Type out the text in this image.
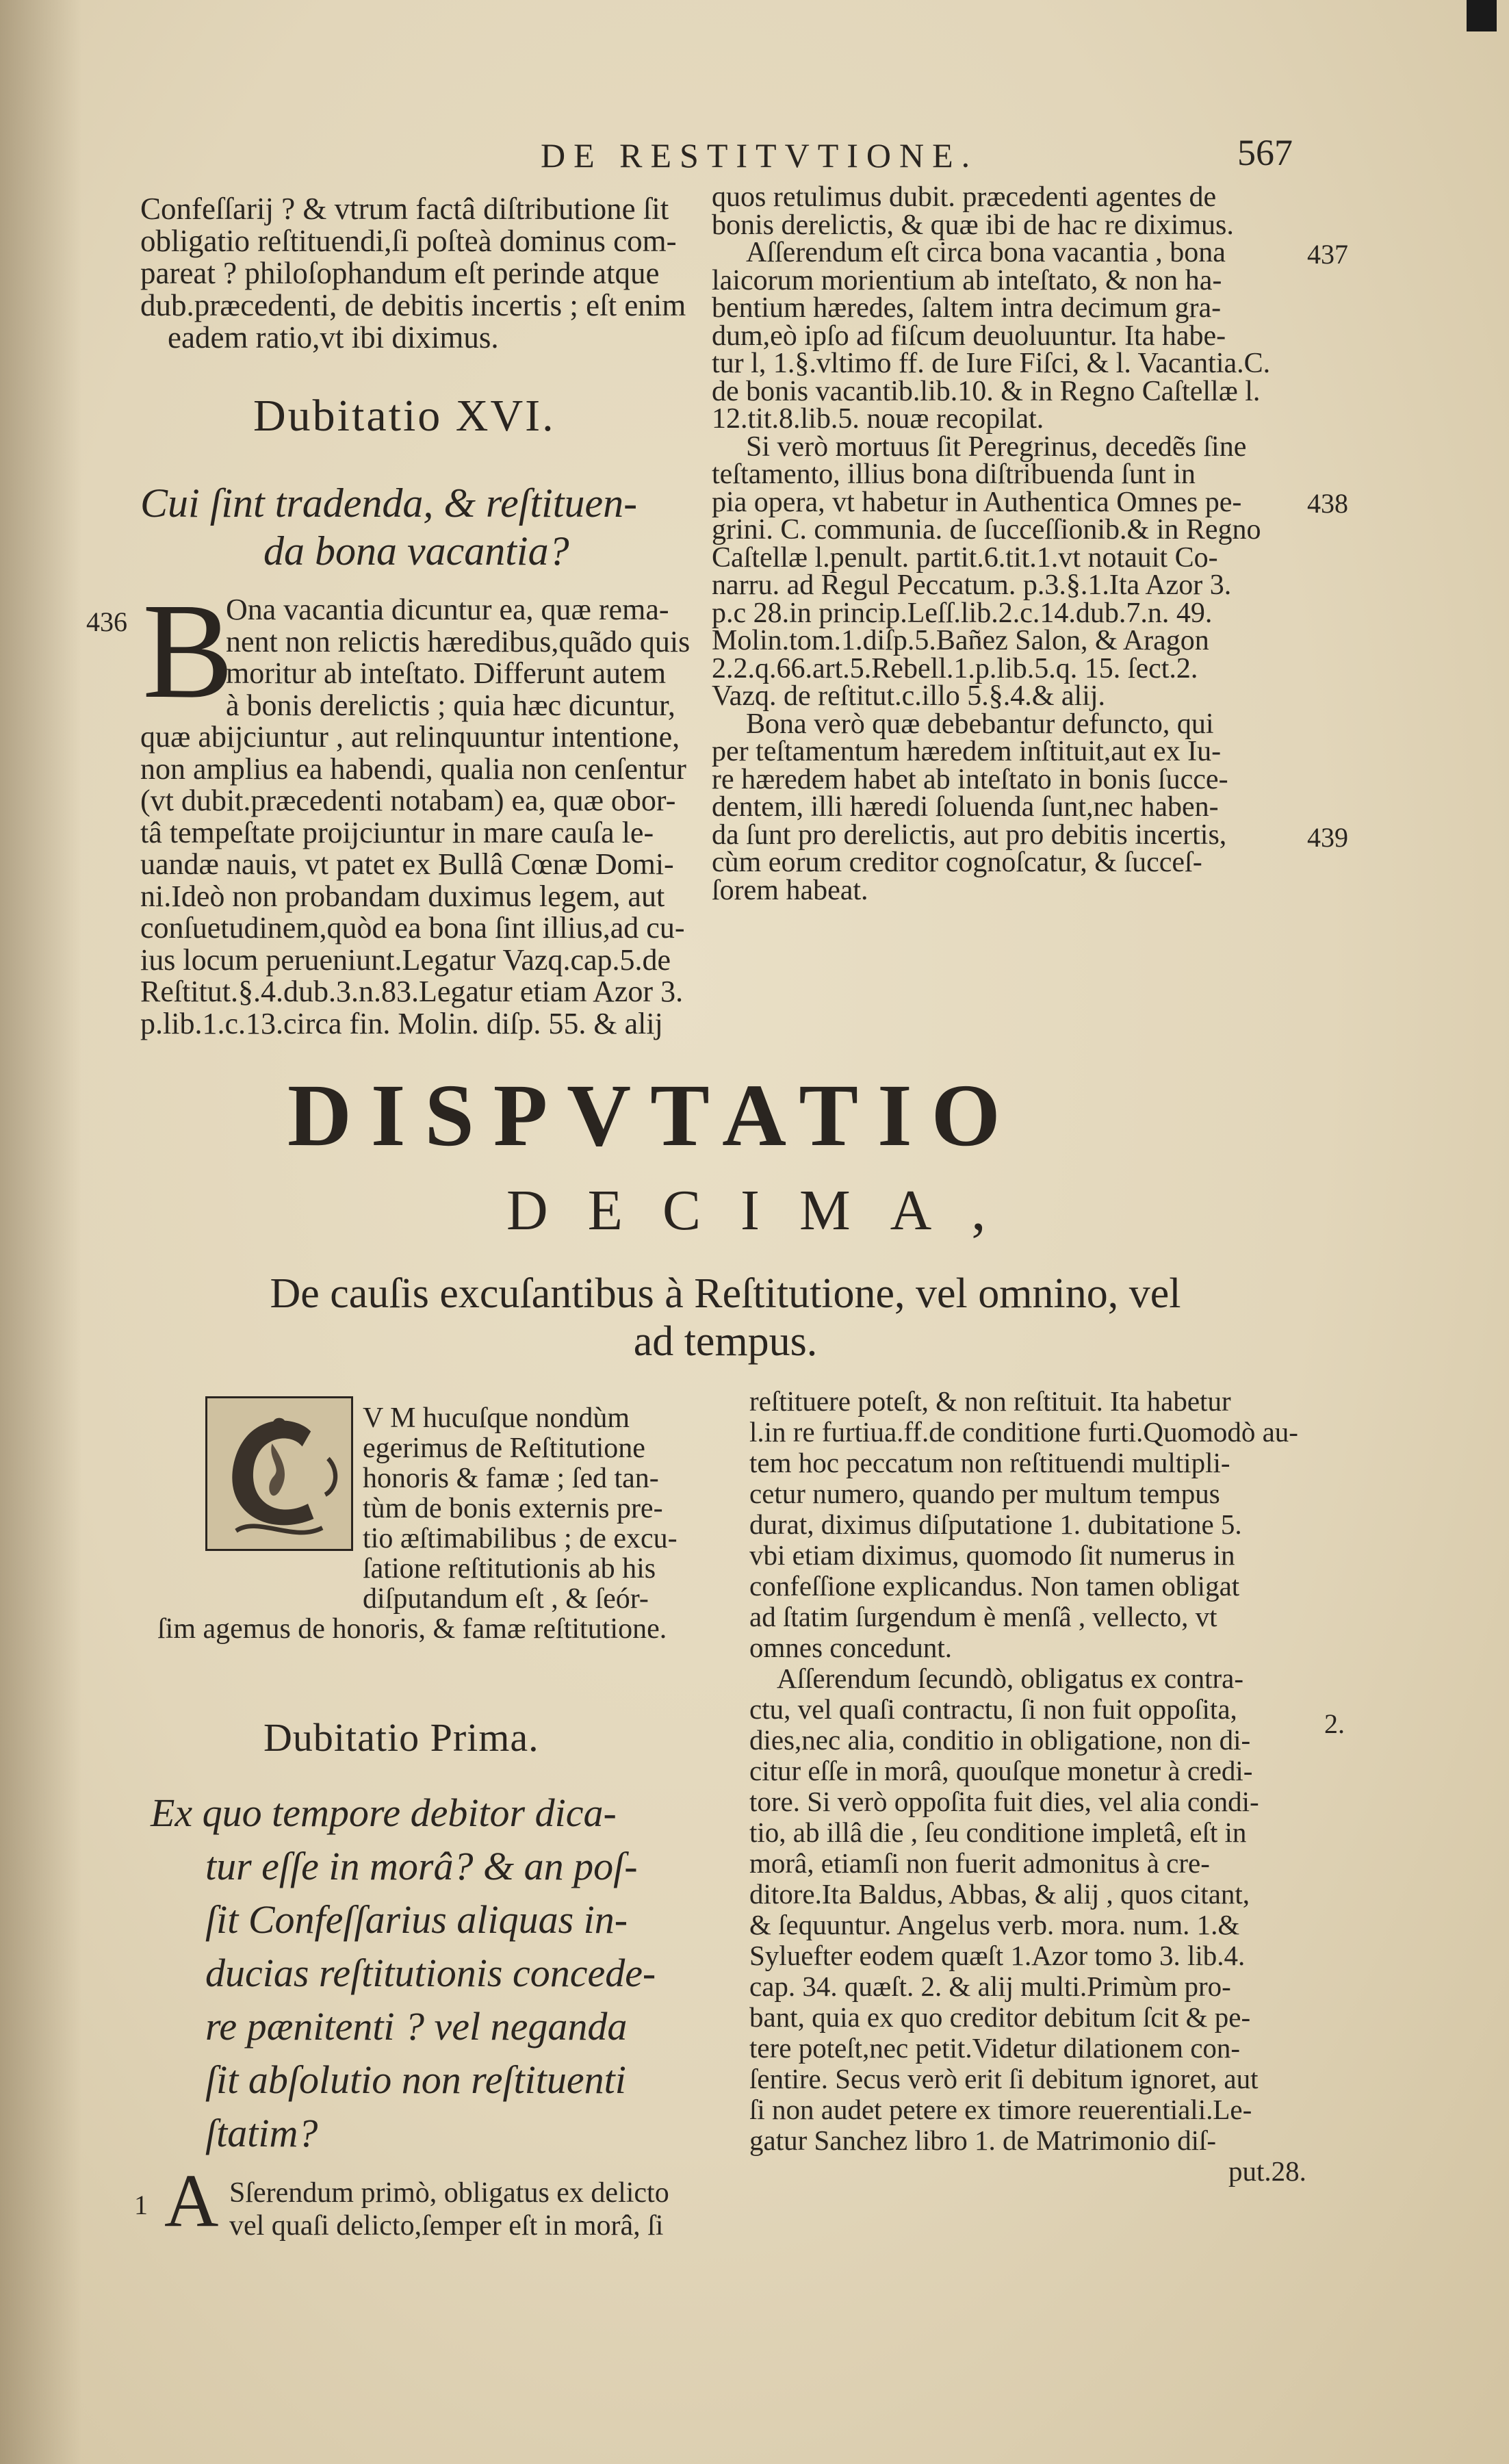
DE RESTITVTIONE.	567
Confeſſarij ? & vtrum factâ diſtributione ſit
obligatio reſtituendi,ſi poſteà dominus com-
pareat ? philoſophandum eſt perinde atque
dub.præcedenti, de debitis incertis ; eſt enim
eadem ratio,vt ibi diximus.
Dubitatio XVI.
Cui ſint tradenda, & reſtituen-
da bona vacantia?
436 B
Ona vacantia dicuntur ea, quæ rema-
nent non relictis hæredibus,quãdo quis
moritur ab inteſtato. Differunt autem
à bonis derelictis ; quia hæc dicuntur,
quæ abijciuntur , aut relinquuntur intentione,
non amplius ea habendi, qualia non cenſentur
(vt dubit.præcedenti notabam) ea, quæ obor-
tâ tempeſtate proijciuntur in mare cauſa le-
uandæ nauis, vt patet ex Bullâ Cœnæ Domi-
ni.Ideò non probandam duximus legem, aut
conſuetudinem,quòd ea bona ſint illius,ad cu-
ius locum perueniunt.Legatur Vazq.cap.5.de
Reſtitut.§.4.dub.3.n.83.Legatur etiam Azor 3.
p.lib.1.c.13.circa fin. Molin. diſp. 55. & alij
quos retulimus dubit. præcedenti agentes de
bonis derelictis, & quæ ibi de hac re diximus.
Aſſerendum eſt circa bona vacantia , bona
laicorum morientium ab inteſtato, & non ha-
bentium hæredes, ſaltem intra decimum gra-
dum,eò ipſo ad fiſcum deuoluuntur. Ita habe-
tur l, 1.§.vltimo ff. de Iure Fiſci, & l. Vacantia.C.
de bonis vacantib.lib.10. & in Regno Caſtellæ l.
12.tit.8.lib.5. nouæ recopilat.
Si verò mortuus ſit Peregrinus, decedẽs ſine
teſtamento, illius bona diſtribuenda ſunt in
pia opera, vt habetur in Authentica Omnes pe-
grini. C. communia. de ſucceſſionib.& in Regno
Caſtellæ l.penult. partit.6.tit.1.vt notauit Co-
narru. ad Regul Peccatum. p.3.§.1.Ita Azor 3.
p.c 28.in princip.Leſſ.lib.2.c.14.dub.7.n. 49.
Molin.tom.1.diſp.5.Bañez Salon, & Aragon
2.2.q.66.art.5.Rebell.1.p.lib.5.q. 15. ſect.2.
Vazq. de reſtitut.c.illo 5.§.4.& alij.
Bona verò quæ debebantur defuncto, qui
per teſtamentum hæredem inſtituit,aut ex Iu-
re hæredem habet ab inteſtato in bonis ſucce-
dentem, illi hæredi ſoluenda ſunt,nec haben-
da ſunt pro derelictis, aut pro debitis incertis,
cùm eorum creditor cognoſcatur, & ſucceſ-
ſorem habeat.
437
438
439
DISPVTATIO
DECIMA,
De cauſis excuſantibus à Reſtitutione, vel omnino, vel
ad tempus.
V M hucuſque nondùm
egerimus de Reſtitutione
honoris & famæ ; ſed tan-
tùm de bonis externis pre-
tio æſtimabilibus ; de excu-
ſatione reſtitutionis ab his
diſputandum eſt , & ſeór-
ſim agemus de honoris, & famæ reſtitutione.
Dubitatio Prima.
Ex quo tempore debitor dica-
tur eſſe in morâ? & an poſ-
ſit Confeſſarius aliquas in-
ducias reſtitutionis concede-
re pænitenti ? vel neganda
ſit abſolutio non reſtituenti
ſtatim?
1 A Sſerendum primò, obligatus ex delicto
vel quaſi delicto,ſemper eſt in morâ, ſi
reſtituere poteſt, & non reſtituit. Ita habetur
l.in re furtiua.ff.de conditione furti.Quomodò au-
tem hoc peccatum non reſtituendi multipli-
cetur numero, quando per multum tempus
durat, diximus diſputatione 1. dubitatione 5.
vbi etiam diximus, quomodo ſit numerus in
confeſſione explicandus. Non tamen obligat
ad ſtatim ſurgendum è menſâ , vellecto, vt
omnes concedunt.
Aſſerendum ſecundò, obligatus ex contra-
ctu, vel quaſi contractu, ſi non fuit oppoſita,
dies,nec alia, conditio in obligatione, non di-
citur eſſe in morâ, quouſque monetur à credi-
tore. Si verò oppoſita fuit dies, vel alia condi-
tio, ab illâ die , ſeu conditione impletâ, eſt in
morâ, etiamſi non fuerit admonitus à cre-
ditore.Ita Baldus, Abbas, & alij , quos citant,
& ſequuntur. Angelus verb. mora. num. 1.&
Syluefter eodem quæſt 1.Azor tomo 3. lib.4.
cap. 34. quæſt. 2. & alij multi.Primùm pro-
bant, quia ex quo creditor debitum ſcit & pe-
tere poteſt,nec petit.Videtur dilationem con-
ſentire. Secus verò erit ſi debitum ignoret, aut
ſi non audet petere ex timore reuerentiali.Le-
gatur Sanchez libro 1. de Matrimonio diſ-
put.28.
2.
